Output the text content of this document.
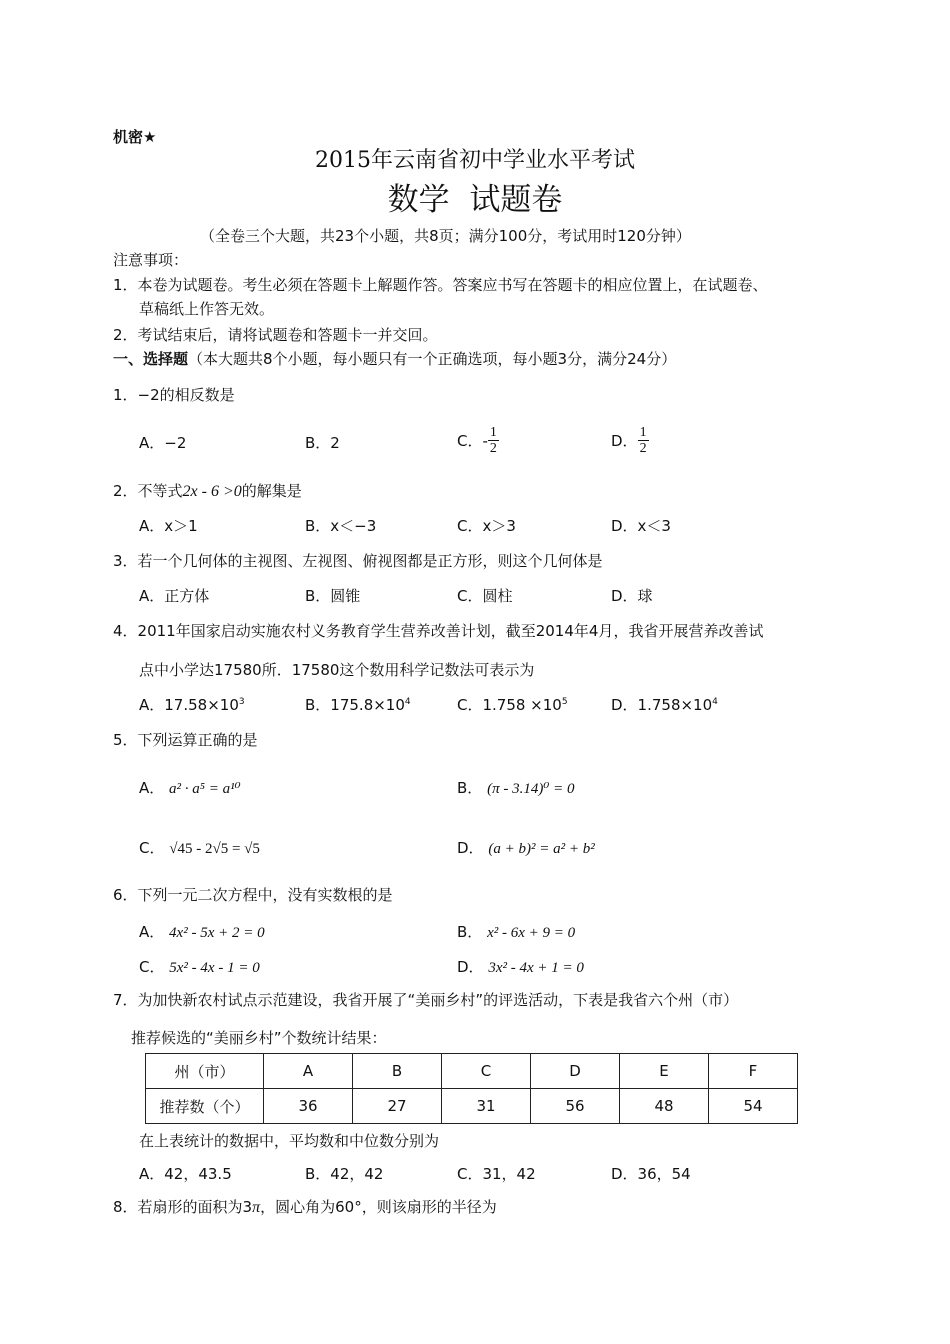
机密★
2015年云南省初中学业水平考试
数学  试题卷
（全卷三个大题，共23个小题，共8页；满分100分，考试用时120分钟）
注意事项：
1．本卷为试题卷。考生必须在答题卡上解题作答。答案应书写在答题卡的相应位置上，在试题卷、
草稿纸上作答无效。
2．考试结束后，请将试题卷和答题卡一并交回。
一、选择题（本大题共8个小题，每小题只有一个正确选项，每小题3分，满分24分）
1．−2的相反数是
A．−2	B．2	C．- $\frac{1}{2}$	D． $\frac{1}{2}$
2．不等式2x - 6 >0的解集是
A．x＞1	B．x＜−3	C．x＞3	D．x＜3
3．若一个几何体的主视图、左视图、俯视图都是正方形，则这个几何体是
A．正方体	B．圆锥	C．圆柱	D．球
4．2011年国家启动实施农村义务教育学生营养改善计划，截至2014年4月，我省开展营养改善试
点中小学达17580所．17580这个数用科学记数法可表示为
A．$17.58\times 10^3$	B．$175.8\times 10^4$	C．$1.758 \times 10^5$	D．$1.758\times 10^4$
5．下列运算正确的是
A． a² · a⁵ = a¹⁰	B． (π - 3.14)⁰ = 0
C． √45 - 2√5 = √5	D． (a + b)² = a² + b²
6．下列一元二次方程中，没有实数根的是
A． 4x² - 5x + 2 = 0	B． x² - 6x + 9 = 0
C． 5x² - 4x - 1 = 0	D． 3x² - 4x + 1 = 0
7．为加快新农村试点示范建设，我省开展了“美丽乡村”的评选活动，下表是我省六个州（市）
推荐候选的“美丽乡村”个数统计结果：
州（市）	A	B	C	D	E	F
推荐数（个）	36	27	31	56	48	54
在上表统计的数据中，平均数和中位数分别为
A．42，43.5	B．42，42	C．31，42	D．36，54
8．若扇形的面积为3π，圆心角为60°，则该扇形的半径为
